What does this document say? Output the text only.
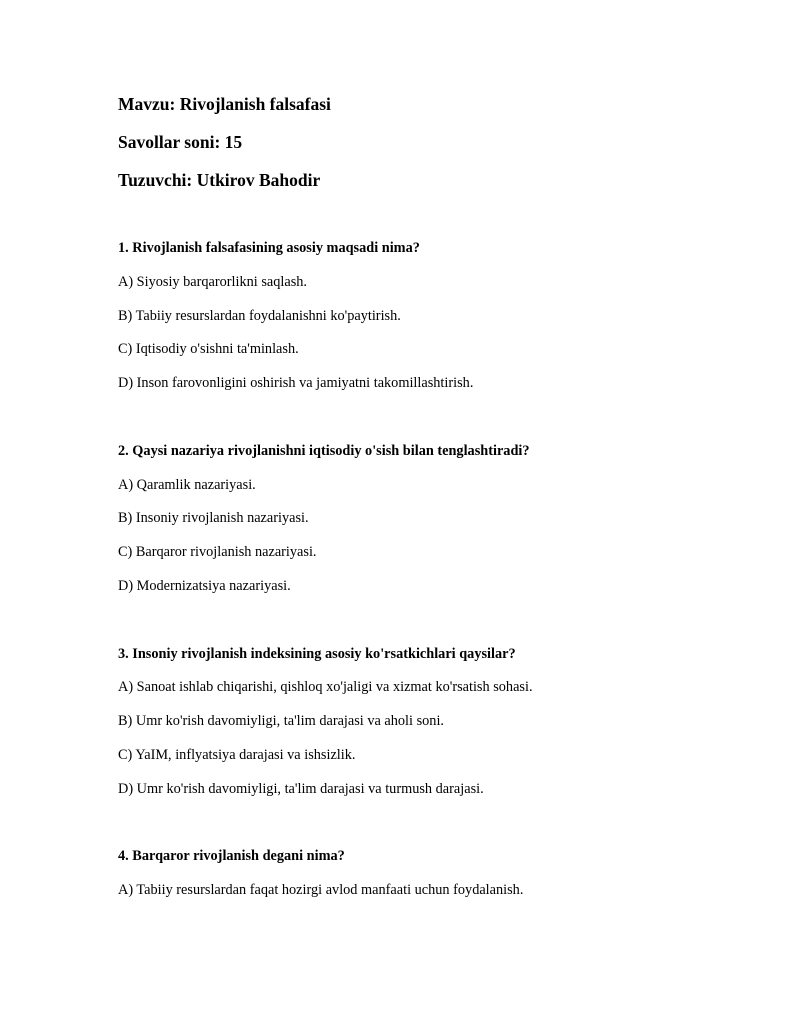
Mavzu: Rivojlanish falsafasi
Savollar soni: 15
Tuzuvchi: Utkirov Bahodir
1. Rivojlanish falsafasining asosiy maqsadi nima?
A) Siyosiy barqarorlikni saqlash.
B) Tabiiy resurslardan foydalanishni ko'paytirish.
C) Iqtisodiy o'sishni ta'minlash.
D) Inson farovonligini oshirish va jamiyatni takomillashtirish.
2. Qaysi nazariya rivojlanishni iqtisodiy o'sish bilan tenglashtiradi?
A) Qaramlik nazariyasi.
B) Insoniy rivojlanish nazariyasi.
C) Barqaror rivojlanish nazariyasi.
D) Modernizatsiya nazariyasi.
3. Insoniy rivojlanish indeksining asosiy ko'rsatkichlari qaysilar?
A) Sanoat ishlab chiqarishi, qishloq xo'jaligi va xizmat ko'rsatish sohasi.
B) Umr ko'rish davomiyligi, ta'lim darajasi va aholi soni.
C) YaIM, inflyatsiya darajasi va ishsizlik.
D) Umr ko'rish davomiyligi, ta'lim darajasi va turmush darajasi.
4. Barqaror rivojlanish degani nima?
A) Tabiiy resurslardan faqat hozirgi avlod manfaati uchun foydalanish.
